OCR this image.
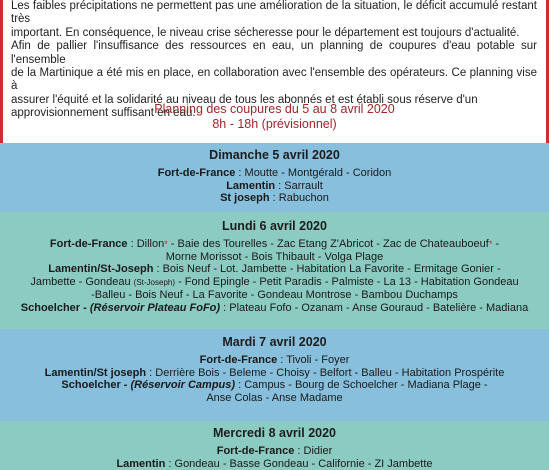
Les faibles précipitations ne permettent pas une amélioration de la situation, le déficit accumulé restant très

important. En conséquence, le niveau crise sécheresse pour le département est toujours d'actualité.

Afin de pallier l'insuffisance des ressources en eau, un planning de coupures d'eau potable sur l'ensemble

de la Martinique a été mis en place, en collaboration avec l'ensemble des opérateurs. Ce planning vise à

assurer l'équité et la solidarité au niveau de tous les abonnés et est établi sous réserve d'un

approvisionnement suffisant en eau.

Planning des coupures du 5 au 8 avril 2020
8h - 18h (prévisionnel)
Dimanche 5 avril 2020
Fort-de-France : Moutte - Montgérald - Coridon
Lamentin : Sarrault
St joseph : Rabuchon
Lundi 6 avril 2020
Fort-de-France : Dillon* - Baie des Tourelles - Zac Etang Z'Abricot - Zac de Chateauboeuf* -
Morne Morissot - Bois Thibault - Volga Plage
Lamentin/St-Joseph : Bois Neuf - Lot. Jambette - Habitation La Favorite - Ermitage Gonier -
Jambette - Gondeau (St-Joseph) - Fond Epingle - Petit Paradis - Palmiste - La 13 - Habitation Gondeau
-Balleu - Bois Neuf - La Favorite - Gondeau Montrose - Bambou Duchamps
Schoelcher - (Réservoir Plateau FoFo) : Plateau Fofo - Ozanam - Anse Gouraud - Batelière - Madiana
Mardi 7 avril 2020
Fort-de-France : Tivoli - Foyer
Lamentin/St joseph : Derrière Bois - Beleme - Choisy - Belfort - Balleu - Habitation Prospérite
Schoelcher - (Réservoir Campus) : Campus - Bourg de Schoelcher - Madiana Plage -
Anse Colas - Anse Madame
Mercredi 8 avril 2020
Fort-de-France : Didier
Lamentin : Gondeau - Basse Gondeau - Californie - ZI Jambette
